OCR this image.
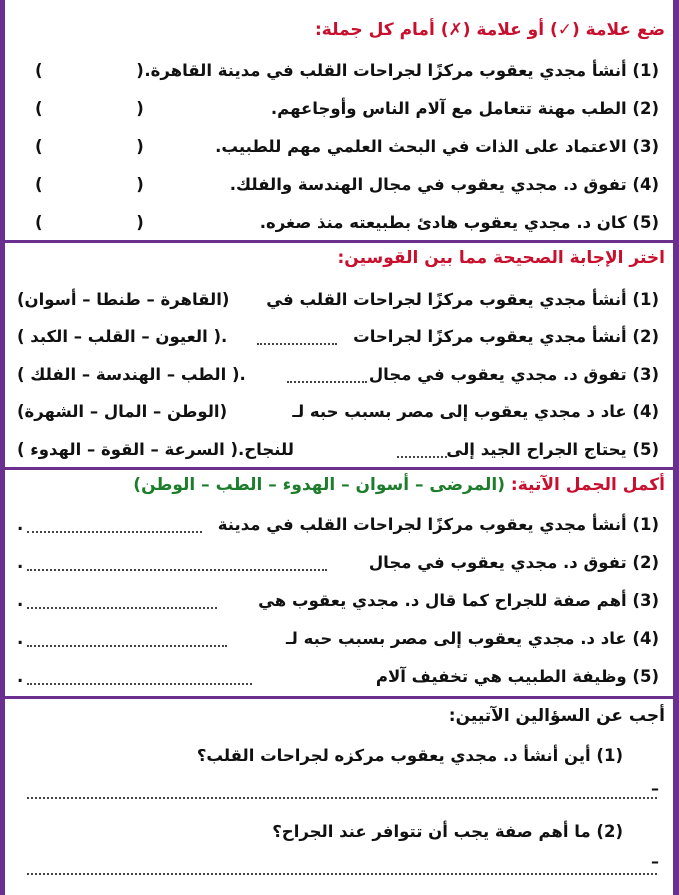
ضع علامة (✓) أو علامة (✗) أمام كل جملة:
(1) أنشأ مجدي يعقوب مركزًا لجراحات القلب في مدينة القاهرة.
( )
(2) الطب مهنة تتعامل مع آلام الناس وأوجاعهم.
( )
(3) الاعتماد على الذات في البحث العلمي مهم للطبيب.
( )
(4) تفوق د. مجدي يعقوب في مجال الهندسة والفلك.
( )
(5) كان د. مجدي يعقوب هادئ بطبيعته منذ صغره.
( )
اختر الإجابة الصحيحة مما بين القوسين:
(1) أنشأ مجدي يعقوب مركزًا لجراحات القلب في
(القاهرة – طنطا – أسوان)
(2) أنشأ مجدي يعقوب مركزًا لجراحات
.( العيون – القلب – الكبد )
(3) تفوق د. مجدي يعقوب في مجال
.( الطب – الهندسة – الفلك )
(4) عاد د مجدي يعقوب إلى مصر بسبب حبه لـ
(الوطن – المال – الشهرة)
(5) يحتاج الجراح الجيد إلى
للنجاح.( السرعة – القوة – الهدوء )
أكمل الجمل الآتية: (المرضى – أسوان – الهدوء – الطب – الوطن)
(1) أنشأ مجدي يعقوب مركزًا لجراحات القلب في مدينة
.
(2) تفوق د. مجدي يعقوب في مجال
.
(3) أهم صفة للجراح كما قال د. مجدي يعقوب هي
.
(4) عاد د. مجدي يعقوب إلى مصر بسبب حبه لـ
.
(5) وظيفة الطبيب هي تخفيف آلام
.
أجب عن السؤالين الآتيين:
(1) أين أنشأ د. مجدي يعقوب مركزه لجراحات القلب؟
–
(2) ما أهم صفة يجب أن تتوافر عند الجراح؟
–
